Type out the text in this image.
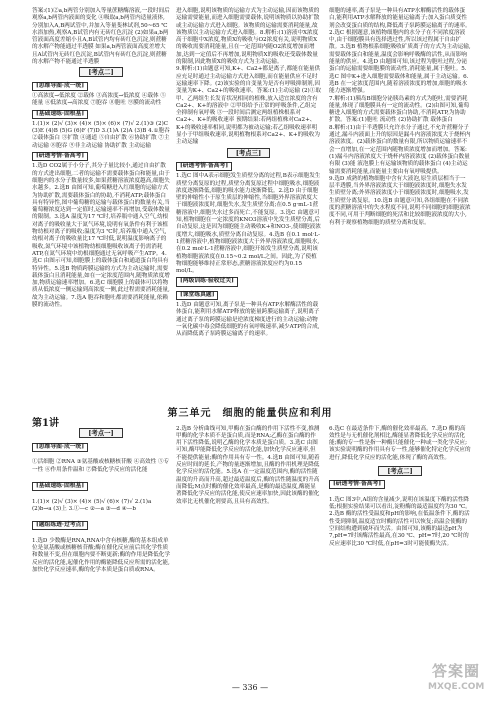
答案:(1)②a,b两管分别加入等量蔗糖酶溶液,一段时间后观察a,b两管内液面的变化 ④吸取a,b两管内适量液体,分别加入A,B两试管中,并加入等量斐林试剂,50~65 ℃水浴加热,观察A,B试管内有无砖红色沉淀 (2)如果a,b两管液面高度差缩小且A,B试管内均有砖红色沉淀,则蔗糖的水解产物能通过半透膜 如果a,b两管液面高度差增大且A试管内无砖红色沉淀,B试管内有砖红色沉淀,则蔗糖的水解产物不能通过半透膜

[考点二]
[思维导图·成一统]

①高浓度→低浓度 ②载体 ③高浓度→低浓度 ④载体 ⑤能量 ⑥低浓度→高浓度 ⑦胞吞 ⑧胞吐 ⑨膜的流动性

[基础速练·固根基]

1.(1)× (2)√ (3)× (4)× (5)× (6)× (7)√ 2.(1)③ (2)C (3)E (4)B (5)G (6)F (7)D 3.(1)A (2)A (3)B 4.①胞吞 ②载体蛋白 ③扩散 ④通道 ⑤自由扩散 ⑥协助扩散 ⑦主动运输 ⑧胞吞 ⑨非主动运输 协助扩散 主动运输

[研透考情·备高考]

1.选D CO2属于小分子,其分子量比较小,通过自由扩散的方式进出细胞,二者的运输不需要载体蛋白和能量,由于细胞内的水分子数量较多,如果蔗糖溶液浓度越高,细胞失水越多。2.选B 由图可知,葡萄糖进入红细胞的运输方式为协助扩散,需要载体蛋白的协助,不消耗ATP;载体蛋白具有特异性,图中葡萄糖的运输与载体蛋白的数量有关,当葡萄糖浓度达到一定值时,运输速率不再增加,受载体数量的限制。3.选A 温度为17 ℃时,培养瓶中通入空气,幼根对离子的吸收量大于氮气环境,说明有氧条件有利于该植物幼根对离子的吸收;温度为3 ℃时,培养瓶中通入空气,幼根对离子的吸收量比17 ℃时低,说明温度影响离子的吸收,氮气环境中该植物幼根细胞吸收该离子仍需消耗ATP,在氮气环境中幼根细胞通过无氧呼吸产生ATP。4.选C 由图示可知,细胞膜上的载体蛋白和通道蛋白均具有特异性。5.选B 物质跨膜运输的方式为主动运输时,需要载体蛋白且消耗能量,如在一定浓度范围内,随物质浓度增加,物质运输速率增加。6.选C 细胞膜上的载体可以将物质从低浓度一侧运输到高浓度一侧,此过程需要消耗能量,故为主动运输。7.选A 胞吞和胞吐都需要消耗能量,依赖膜的流动性。

进入细胞,说明该物质的运输方式为主动运输,因而该物质的运输需要能量,而进入细胞需要载体,说明该物质以协助扩散或主动运输方式进入细胞。该物质的运输需要消耗能量,故该物质以主动运输方式进入细胞。8.解析:(1)溶液中X浓度高于细胞中X浓度,物质X的吸收与O2浓度有关,说明物质X的吸收需要消耗能量,且在一定范围内随O2浓度增加而增加,达到一定值后不再增加,说明物质X的吸收还受载体数量的限制,因此物质X的吸收方式为主动运输。

9.解析:(1)由题意可知,K+、Ca2+都是离子,都能在能量供应充足时通过主动运输方式进入细胞,而在能量供应不足时运输速率下降。(2)该实验的自变量为是否有呼吸抑制剂,因变量为K+、Ca2+的吸收速率。答案:(1)主动运输 (2)①取甲、乙两组生长发育状况相同的植株,放入适宜浓度的含有Ca2+、K+的溶液中 ②甲组给予正常的呼吸条件,乙组完全抑制有氧呼吸 ③一段时间后测定两组植株根系对Ca2+、K+的吸收速率 预期结果:若两组植株对Ca2+、K+的吸收速率相同,说明都为被动运输;若乙组吸收速率明显小于甲组吸收速率,说明植物根系对Ca2+、K+的吸收为主动运输

[考点三]
[研透考情·备高考]

1.选C 图中A表示细胞发生质壁分离的过程,B表示细胞发生质壁分离复原的过程,质壁分离复原过程中细胞吸水,细胞液浓度逐渐降低,细胞的吸水能力逐渐降低。2.选D 由于细胞壁的伸缩性小于原生质层的伸缩性,当细胞外界溶液浓度大于细胞液浓度时,细胞失水,发生质壁分离;在0.5 g·mL-1蔗糖溶液中,细胞失水过多而死亡,不能复原。3.选C 由题意可知,植物细胞在一定浓度的KNO3溶液中先发生质壁分离,后自动复原,这是因为细胞能主动吸收K+和NO3-,使细胞液浓度增大,细胞吸水,质壁分离自动复原。4.选B 在0.1 mol·L-1蔗糖溶液中,植物细胞液浓度大于外界溶液浓度,细胞吸水,在0.2 mol·L-1蔗糖溶液中,细胞开始发生质壁分离,说明该植物细胞液浓度在0.15~0.2 mol/L之间。因此,为了使植物细胞能够维持正常形态,蔗糖溶液浓度应约为0.15 mol/L。

[两级训练·验收过关]
[课堂练真题]

1.选D 由题意可知,离子泵是一种具有ATP水解酶活性的载体蛋白,能利用水解ATP释放的能量跨膜运输离子,说明离子通过离子泵的跨膜运输是逆浓度梯度进行的主动运输;动物一氧化碳中毒会降低细胞的有氧呼吸速率,减少ATP的合成,从而降低离子泵跨膜运输离子的速率。

细胞的速率,离子泵是一种具有ATP水解酶活性的载体蛋白,能利用ATP水解释放的能量运输离子;加入蛋白质变性剂会改变蛋白质的结构,降低离子泵跨膜运输离子的速率。2.选C 根据题意,该植物细胞内的水分子在不同浓度溶液中,由于细胞膜具有选择透过性,所以该过程属于自由扩散。3.选B 植物根系细胞吸收矿质离子的方式为主动运输,需要载体蛋白和能量,温度会影响呼吸酶的活性,从而影响能量的供应。4.选D 由题图可知,该过程为胞吐过程,分泌蛋白的运输需要细胞膜的流动性,消耗能量,属于胞吐。5.选C 图中K+进入细胞需要载体和能量,属于主动运输。6.选B 在一定浓度范围内,随着溶液浓度的增加,细胞的吸水能力逐渐增强。

7.解析:(1)胰岛B细胞分泌胰岛素的方式为胞吐,需要消耗能量,体现了细胞膜具有一定的流动性。(2)由图可知,葡萄糖进入细胞的方式需要载体蛋白协助,不消耗ATP,为协助扩散。答案:(1)胞吐 流动性 (2)协助扩散 载体蛋白

8.解析:(1)由于半透膜只允许水分子通过,不允许蔗糖分子通过,漏斗内液面上升的原因是漏斗内溶液浓度大于烧杯内溶液浓度。(2)载体蛋白的数量有限,所以物质运输速率不会一直增加,在一定范围内随物质浓度增加而增加。答案:(1)漏斗内溶液浓度大于烧杯内溶液浓度 (2)载体蛋白数量有限 (3)能 液泡膜上有运输该物质的载体蛋白 (4)主动运输需要消耗能量,而能量主要由有氧呼吸提供。

9.选D 成熟的植物细胞中含有大液泡,原生质层相当于一层半透膜,当外界溶液浓度大于细胞液浓度时,细胞失水发生质壁分离;外界溶液浓度小于细胞液浓度时,细胞吸水,发生质壁分离复原。10.选B 由题意可知,各组细胞在不同浓度的蔗糖溶液中的失水程度不同,说明不同细胞的细胞液浓度不同,可用于判断细胞的死活和比较细胞液浓度的大小,有利于观察植物细胞的质壁分离和复原。

第三单元　细胞的能量供应和利用
第1讲
[考点一]
[思维导图·成一统]

①活细胞 ②RNA ③氨基酸或核糖核苷酸 ④高效性 ⑤专一性 ⑥作用条件温和 ⑦降低化学反应的活化能

[基础速练·固根基]

1.(1)× (2)√ (3)× (4)× (5)√ (6)× (7)√ 2.(1)a (2)b→a (3)上 3.①—c ②—a ③—d ④—b

[题组练透·过考点]

1.选D 少数酶是RNA,RNA中含有核糖,酶的基本组成单位是氨基酸或核糖核苷酸;酶在催化反应前后其化学性质和数量不变,但在细胞内要不断更新;酶的作用是降低化学反应的活化能,起催化作用的酶能降低反应所需的活化能,加快化学反应速率,酶的化学本质是蛋白质或RNA。

2.选B 分析曲线可知,甲酶在蛋白酶的作用下活性不变,推测甲酶的化学本质不是蛋白质,而是RNA;乙酶在蛋白酶的作用下活性降低,说明乙酶的化学本质是蛋白质。3.选C 由图可知,酶甲能降低化学反应的活化能,加快化学反应速率,但不能提供能量;酶的作用具有专一性。4.选B 由图可知,随着反应时间的延长,产物的量逐渐增加,且酶的作用机理是降低化学反应的活化能。5.选A 在一定温度范围内,酶的活性随温度的升高而升高,超过最适温度后,酶的活性随温度的升高而降低;M点时酶的催化效率最高,是酶的最适温度,酶能显著降低化学反应的活化能,使反应速率加快,因此该酶的催化效率比无机催化剂要高,且具有高效性。

6.选C 在最适条件下,酶的催化效率最高。7.选D 酶的高效性是与无机催化剂相比,酶能显著降低化学反应的活化能;酶的专一性是指一种酶只能催化一种或一类化学反应;该实验说明酶的作用具有专一性,能够催化特定化学反应的进行,降低化学反应的活化能,体现了酶的高效性。

[考点二]
[研透考情·备高考]

1.选C 图3中,A组的含量减少,说明在该温度下酶的活性降低;根据实验结果可以看出,淀粉酶的最适温度约为30 ℃。2.选B 酶的活性受温度和pH的影响,在低温条件下,酶的活性受到抑制,温度适宜时酶的活性可以恢复;高温会使酶的空间结构遭到破坏而失活。由图可知,该酶的最适pH为7,pH=7时该酶活性最高,在30 ℃、pH=7时,20 ℃时的反应速率比30 ℃时低,在pH=3时可能使酶失活。

— 336 —
答案圈
MXQE.COM
